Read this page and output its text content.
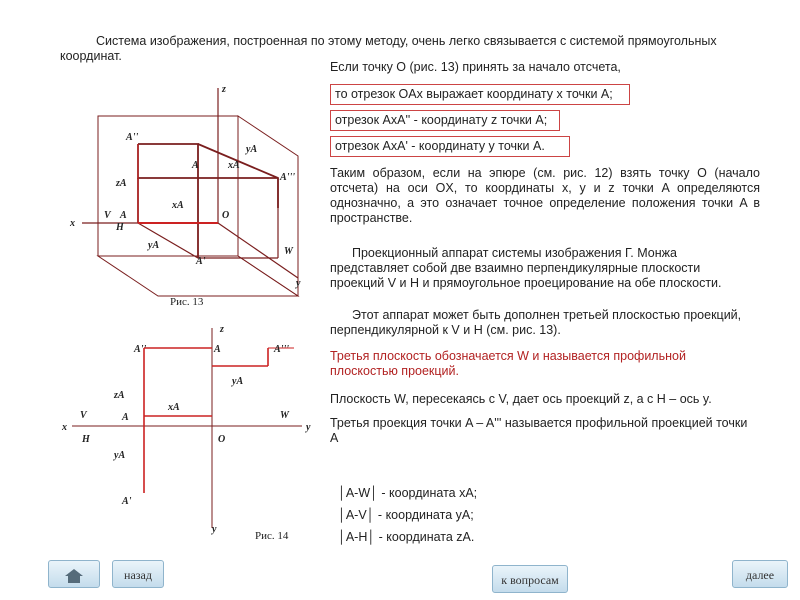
Система изображения, построенная по этому методу, очень легко связывается с системой прямоугольных
координат.
z
x
y
V
H
W
O
A
A''
A'''
A'
A
zA
xA
yA
yA
xA
Рис. 13
z
x	y
y
V
H
W
O
A''	A'''
A'
A
A
zA
xA
yA
yA
Рис. 14
Если точку O (рис. 13) принять за начало отсчета,
то отрезок OAx выражает координату x точки A;
отрезок AxA'' - координату z точки A;
отрезок AxA' - координату y точки A.
Таким образом, если на эпюре (см. рис. 12) взять точку O (начало отсчета) на оси OX, то координаты x, y и z точки A определяются однозначно, а это означает точное определение положения точки A в пространстве.
Проекционный аппарат системы изображения Г. Монжа представляет собой две взаимно перпендикулярные плоскости проекций V и H и прямоугольное проецирование на обе плоскости.
Этот аппарат может быть дополнен третьей плоскостью проекций, перпендикулярной к V и H (см. рис. 13).
Третья плоскость обозначается W и называется профильной плоскостью проекций.
Плоскость W, пересекаясь с V, дает ось проекций z, а с H – ось y.
Третья проекция точки A – A''' называется профильной проекцией точки A
│A-W│ - координата xA;
│A-V│ - координата yA;
│A-H│ - координата zA.
назад	к вопросам	далее
